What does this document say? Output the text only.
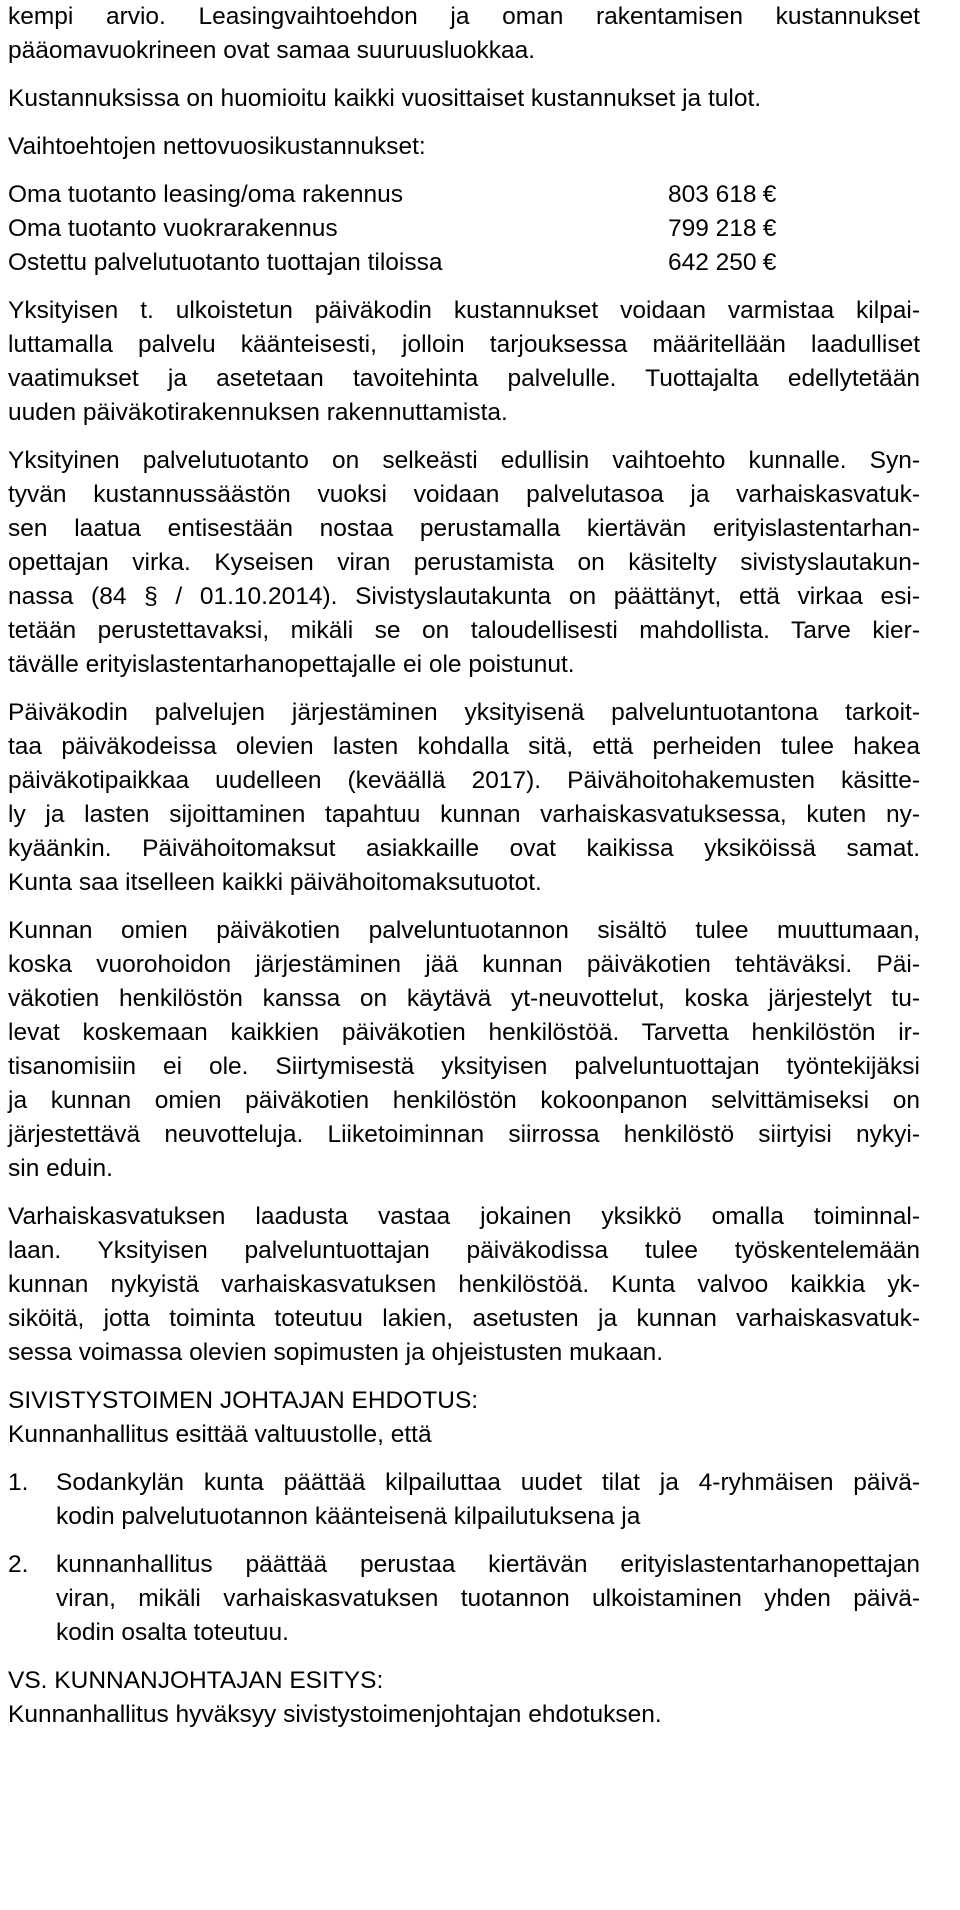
kempi arvio. Leasingvaihtoehdon ja oman rakentamisen kustannukset
pääomavuokrineen ovat samaa suuruusluokkaa.
Kustannuksissa on huomioitu kaikki vuosittaiset kustannukset ja tulot.
Vaihtoehtojen nettovuosikustannukset:
Oma tuotanto leasing/oma rakennus	803 618 €
Oma tuotanto vuokrarakennus	799 218 €
Ostettu palvelutuotanto tuottajan tiloissa	642 250 €
Yksityisen t. ulkoistetun päiväkodin kustannukset voidaan varmistaa kilpai-
luttamalla palvelu käänteisesti, jolloin tarjouksessa määritellään laadulliset
vaatimukset ja asetetaan tavoitehinta palvelulle. Tuottajalta edellytetään
uuden päiväkotirakennuksen rakennuttamista.
Yksityinen palvelutuotanto on selkeästi edullisin vaihtoehto kunnalle. Syn-
tyvän kustannussäästön vuoksi voidaan palvelutasoa ja varhaiskasvatuk-
sen laatua entisestään nostaa perustamalla kiertävän erityislastentarhan-
opettajan virka. Kyseisen viran perustamista on käsitelty sivistyslautakun-
nassa (84 § / 01.10.2014). Sivistyslautakunta on päättänyt, että virkaa esi-
tetään perustettavaksi, mikäli se on taloudellisesti mahdollista. Tarve kier-
tävälle erityislastentarhanopettajalle ei ole poistunut.
Päiväkodin palvelujen järjestäminen yksityisenä palveluntuotantona tarkoit-
taa päiväkodeissa olevien lasten kohdalla sitä, että perheiden tulee hakea
päiväkotipaikkaa uudelleen (keväällä 2017). Päivähoitohakemusten käsitte-
ly ja lasten sijoittaminen tapahtuu kunnan varhaiskasvatuksessa, kuten ny-
kyäänkin. Päivähoitomaksut asiakkaille ovat kaikissa yksiköissä samat.
Kunta saa itselleen kaikki päivähoitomaksutuotot.
Kunnan omien päiväkotien palveluntuotannon sisältö tulee muuttumaan,
koska vuorohoidon järjestäminen jää kunnan päiväkotien tehtäväksi. Päi-
väkotien henkilöstön kanssa on käytävä yt-neuvottelut, koska järjestelyt tu-
levat koskemaan kaikkien päiväkotien henkilöstöä. Tarvetta henkilöstön ir-
tisanomisiin ei ole. Siirtymisestä yksityisen palveluntuottajan työntekijäksi
ja kunnan omien päiväkotien henkilöstön kokoonpanon selvittämiseksi on
järjestettävä neuvotteluja. Liiketoiminnan siirrossa henkilöstö siirtyisi nykyi-
sin eduin.
Varhaiskasvatuksen laadusta vastaa jokainen yksikkö omalla toiminnal-
laan. Yksityisen palveluntuottajan päiväkodissa tulee työskentelemään
kunnan nykyistä varhaiskasvatuksen henkilöstöä. Kunta valvoo kaikkia yk-
siköitä, jotta toiminta toteutuu lakien, asetusten ja kunnan varhaiskasvatuk-
sessa voimassa olevien sopimusten ja ohjeistusten mukaan.
SIVISTYSTOIMEN JOHTAJAN EHDOTUS:
Kunnanhallitus esittää valtuustolle, että
1.	Sodankylän kunta päättää kilpailuttaa uudet tilat ja 4-ryhmäisen päivä-
kodin palvelutuotannon käänteisenä kilpailutuksena ja
2.	kunnanhallitus päättää perustaa kiertävän erityislastentarhanopettajan
viran, mikäli varhaiskasvatuksen tuotannon ulkoistaminen yhden päivä-
kodin osalta toteutuu.
VS. KUNNANJOHTAJAN ESITYS:
Kunnanhallitus hyväksyy sivistystoimenjohtajan ehdotuksen.
